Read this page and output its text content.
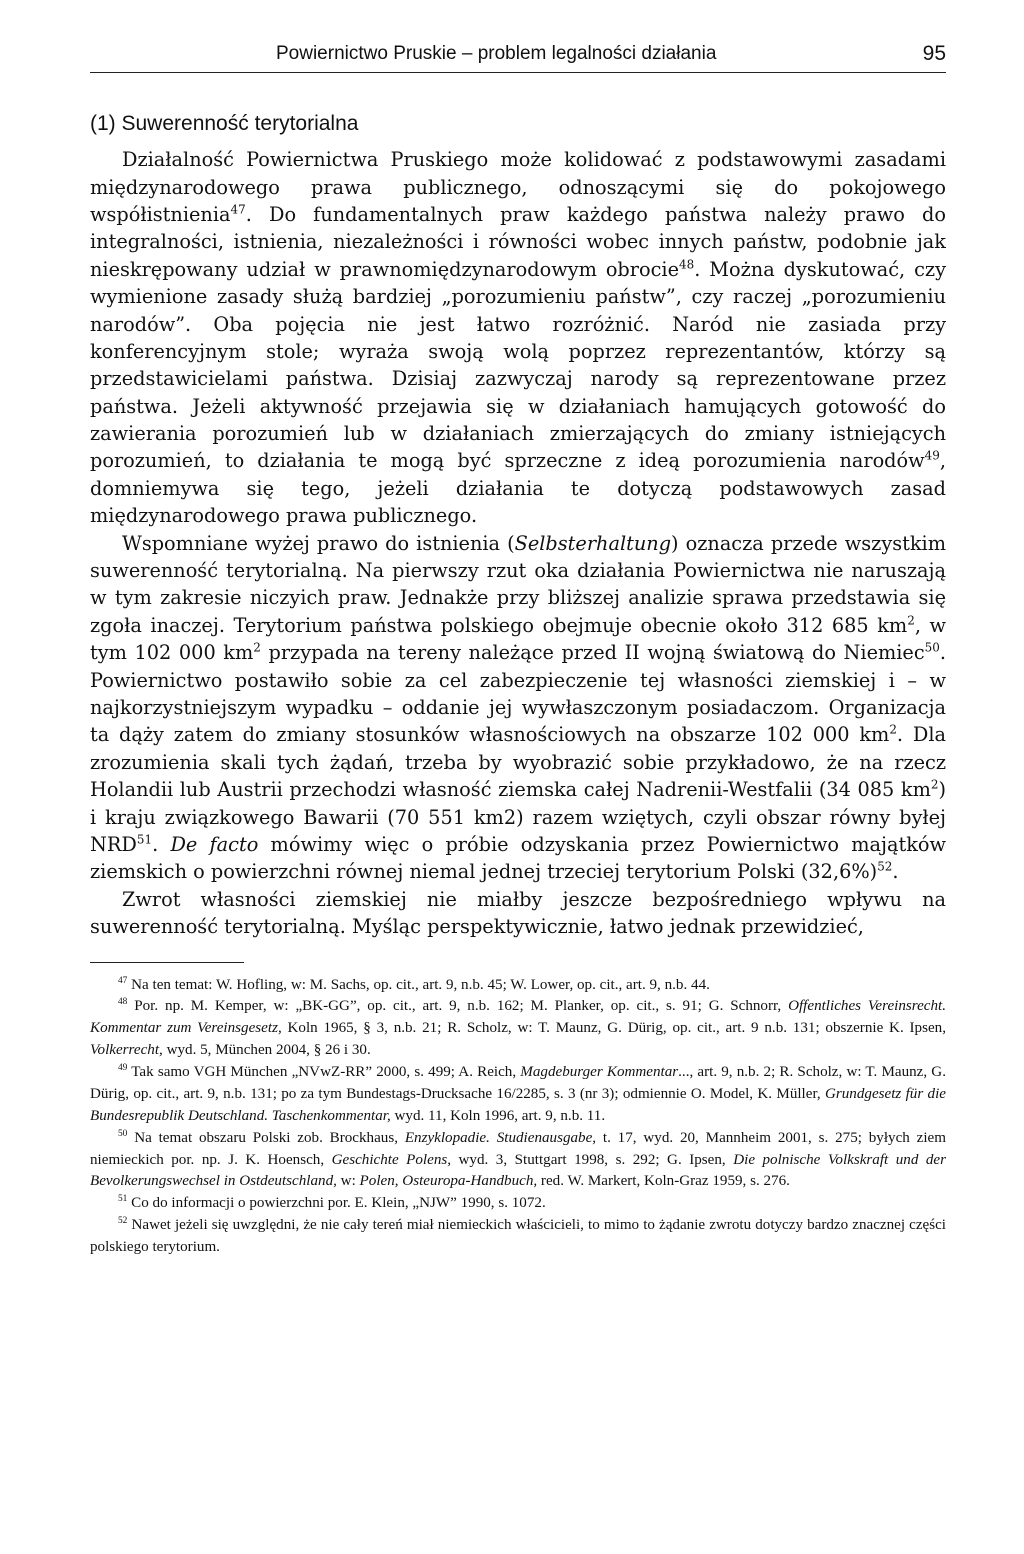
Powiernictwo Pruskie – problem legalności działania	95
(1) Suwerenność terytorialna

Działalność Powiernictwa Pruskiego może kolidować z podstawowymi zasadami międzynarodowego prawa publicznego, odnoszącymi się do pokojowego współistnienia$^{47}$. Do fundamentalnych praw każdego państwa należy prawo do integralności, istnienia, niezależności i równości wobec innych państw, podobnie jak nieskrępowany udział w prawnomiędzynarodowym obrocie$^{48}$. Można dyskutować, czy wymienione zasady służą bardziej „porozumieniu państw”, czy raczej „porozumieniu narodów”. Oba pojęcia nie jest łatwo rozróżnić. Naród nie zasiada przy konferencyjnym stole; wyraża swoją wolą poprzez reprezentantów, którzy są przedstawicielami państwa. Dzisiaj zazwyczaj narody są reprezentowane przez państwa. Jeżeli aktywność przejawia się w działaniach hamujących gotowość do zawierania porozumień lub w działaniach zmierzających do zmiany istniejących porozumień, to działania te mogą być sprzeczne z ideą porozumienia narodów$^{49}$, domniemywa się tego, jeżeli działania te dotyczą podstawowych zasad międzynarodowego prawa publicznego.

Wspomniane wyżej prawo do istnienia (Selbsterhaltung) oznacza przede wszystkim suwerenność terytorialną. Na pierwszy rzut oka działania Powiernictwa nie naruszają w tym zakresie niczyich praw. Jednakże przy bliższej analizie sprawa przedstawia się zgoła inaczej. Terytorium państwa polskiego obejmuje obecnie około 312 685 $km^2$, w tym 102 000 $km^2$ przypada na tereny należące przed II wojną światową do Niemiec$^{50}$. Powiernictwo postawiło sobie za cel zabezpieczenie tej własności ziemskiej i – w najkorzystniejszym wypadku – oddanie jej wywłaszczonym posiadaczom. Organizacja ta dąży zatem do zmiany stosunków własnościowych na obszarze 102 000 $km^2$. Dla zrozumienia skali tych żądań, trzeba by wyobrazić sobie przykładowo, że na rzecz Holandii lub Austrii przechodzi własność ziemska całej Nadrenii-Westfalii (34 085 $km^2$) i kraju związkowego Bawarii (70 551 km2) razem wziętych, czyli obszar równy byłej NRD$^{51}$. De facto mówimy więc o próbie odzyskania przez Powiernictwo majątków ziemskich o powierzchni równej niemal jednej trzeciej terytorium Polski $(32,6\%)^{52}$.

Zwrot własności ziemskiej nie miałby jeszcze bezpośredniego wpływu na suwerenność terytorialną. Myśląc perspektywicznie, łatwo jednak przewidzieć,

$^{47}$ Na ten temat: W. Hofling, w: M. Sachs, op. cit., art. 9, n.b. 45; W. Lower, op. cit., art. 9, n.b. 44.

$^{48}$ Por. np. M. Kemper, w: „BK-GG”, op. cit., art. 9, n.b. 162; M. Planker, op. cit., s. 91; G. Schnorr, Offentliches Vereinsrecht. Kommentar zum Vereinsgesetz, Koln 1965, § 3, n.b. 21; R. Scholz, w: T. Maunz, G. Dürig, op. cit., art. 9 n.b. 131; obszernie K. Ipsen, Volkerrecht, wyd. 5, München 2004, § 26 i 30.

$^{49}$ Tak samo VGH München „NVwZ-RR” 2000, s. 499; A. Reich, Magdeburger Kommentar..., art. 9, n.b. 2; R. Scholz, w: T. Maunz, G. Dürig, op. cit., art. 9, n.b. 131; po za tym Bundestags-Drucksache 16/2285, s. 3 (nr 3); odmiennie O. Model, K. Müller, Grundgesetz für die Bundesrepublik Deutschland. Taschenkommentar, wyd. 11, Koln 1996, art. 9, n.b. 11.

$^{50}$ Na temat obszaru Polski zob. Brockhaus, Enzyklopadie. Studienausgabe, t. 17, wyd. 20, Mannheim 2001, s. 275; byłych ziem niemieckich por. np. J. K. Hoensch, Geschichte Polens, wyd. 3, Stuttgart 1998, s. 292; G. Ipsen, Die polnische Volkskraft und der Bevolkerungswechsel in Ostdeutschland, w: Polen, Osteuropa-Handbuch, red. W. Markert, Koln-Graz 1959, s. 276.

$^{51}$ Co do informacji o powierzchni por. E. Klein, „NJW” 1990, s. 1072.

$^{52}$ Nawet jeżeli się uwzględni, że nie cały tereń miał niemieckich właścicieli, to mimo to żądanie zwrotu dotyczy bardzo znacznej części polskiego terytorium.
